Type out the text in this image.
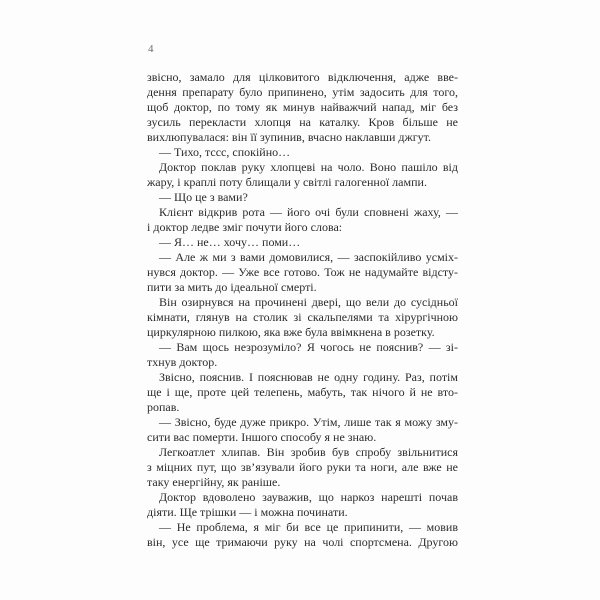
4
звісно, замало для цілковитого відключення, адже вве-
дення препарату було припинено, утім задосить для того,
щоб доктор, по тому як минув найважчий напад, міг без
зусиль перекласти хлопця на каталку. Кров більше не
вихлюпувалася: він її зупинив, вчасно наклавши джгут.
— Тихо, тссс, спокійно…
Доктор поклав руку хлопцеві на чоло. Воно пашіло від
жару, і краплі поту блищали у світлі галогенної лампи.
— Що це з вами?
Клієнт відкрив рота — його очі були сповнені жаху, —
і доктор ледве зміг почути його слова:
— Я… не… хочу… поми…
— Але ж ми з вами домовилися, — заспокійливо усміх-
нувся доктор. — Уже все готово. Тож не надумайте відсту-
пити за мить до ідеальної смерті.
Він озирнувся на прочинені двері, що вели до сусідньої
кімнати, глянув на столик зі скальпелями та хірургічною
циркулярною пилкою, яка вже була ввімкнена в розетку.
— Вам щось незрозуміло? Я чогось не пояснив? — зі-
тхнув доктор.
Звісно, пояснив. І пояснював не одну годину. Раз, потім
ще і ще, проте цей телепень, мабуть, так нічого й не вто-
ропав.
— Звісно, буде дуже прикро. Утім, лише так я можу зму-
сити вас померти. Іншого способу я не знаю.
Легкоатлет хлипав. Він зробив був спробу звільнитися
з міцних пут, що зв’язували його руки та ноги, але вже не
таку енергійну, як раніше.
Доктор вдоволено зауважив, що наркоз нарешті почав
діяти. Ще трішки — і можна починати.
— Не проблема, я міг би все це припинити, — мовив
він, усе ще тримаючи руку на чолі спортсмена. Другою
